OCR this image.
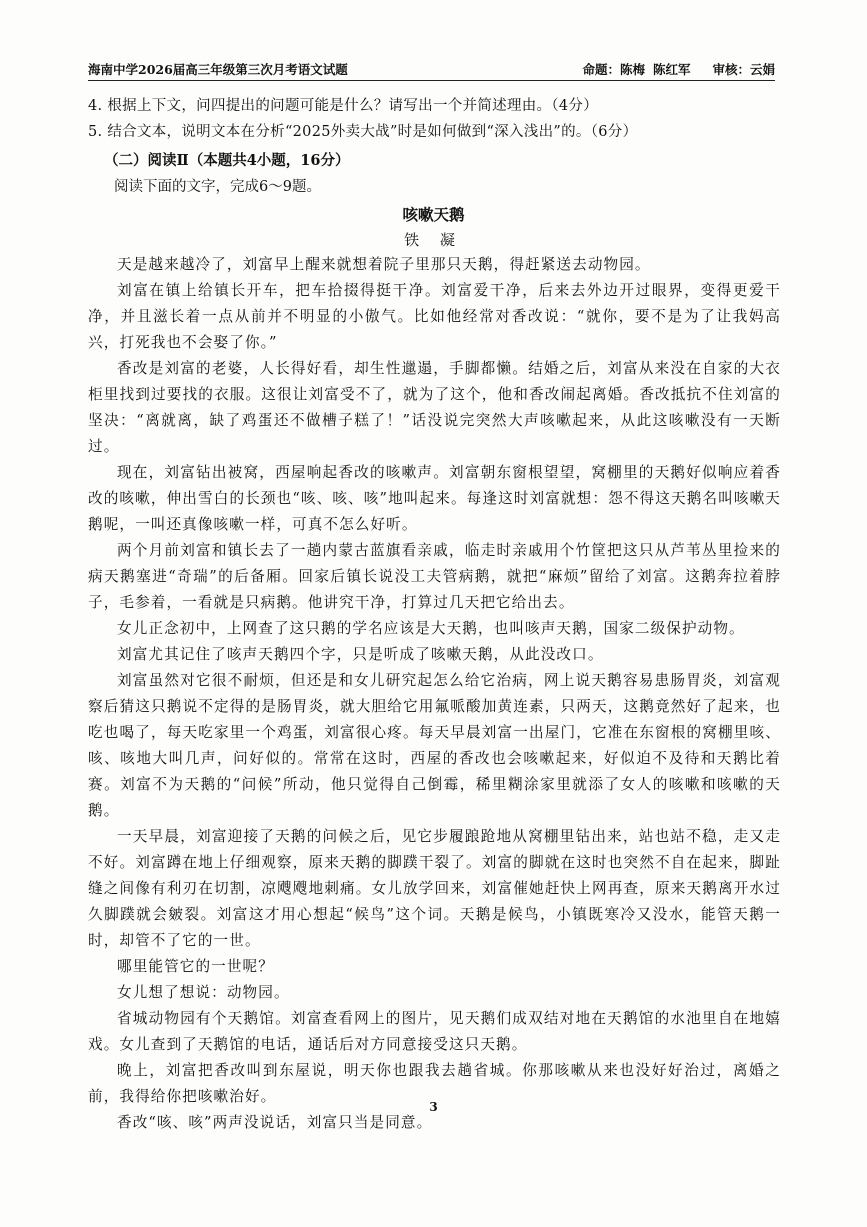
海南中学2026届高三年级第三次月考语文试题	命题：陈梅 陈红军 审核：云娟
4. 根据上下文，问四提出的问题可能是什么？请写出一个并简述理由。（4分）
5. 结合文本，说明文本在分析“2025外卖大战”时是如何做到“深入浅出”的。（6分）
（二）阅读Ⅱ（本题共4小题，16分）
阅读下面的文字，完成6～9题。
咳嗽天鹅
铁 凝

天是越来越冷了，刘富早上醒来就想着院子里那只天鹅，得赶紧送去动物园。

刘富在镇上给镇长开车，把车拾掇得挺干净。刘富爱干净，后来去外边开过眼界，变得更爱干净，并且滋长着一点从前并不明显的小傲气。比如他经常对香改说：“就你，要不是为了让我妈高兴，打死我也不会娶了你。”

香改是刘富的老婆，人长得好看，却生性邋遢，手脚都懒。结婚之后，刘富从来没在自家的大衣柜里找到过要找的衣服。这很让刘富受不了，就为了这个，他和香改闹起离婚。香改抵抗不住刘富的坚决：“离就离，缺了鸡蛋还不做槽子糕了！”话没说完突然大声咳嗽起来，从此这咳嗽没有一天断过。

现在，刘富钻出被窝，西屋响起香改的咳嗽声。刘富朝东窗根望望，窝棚里的天鹅好似响应着香改的咳嗽，伸出雪白的长颈也“咳、咳、咳”地叫起来。每逢这时刘富就想：怨不得这天鹅名叫咳嗽天鹅呢，一叫还真像咳嗽一样，可真不怎么好听。

两个月前刘富和镇长去了一趟内蒙古蓝旗看亲戚，临走时亲戚用个竹筐把这只从芦苇丛里捡来的病天鹅塞进“奇瑞”的后备厢。回家后镇长说没工夫管病鹅，就把“麻烦”留给了刘富。这鹅奔拉着脖子，毛参着，一看就是只病鹅。他讲究干净，打算过几天把它给出去。

女儿正念初中，上网查了这只鹅的学名应该是大天鹅，也叫咳声天鹅，国家二级保护动物。

刘富尤其记住了咳声天鹅四个字，只是听成了咳嗽天鹅，从此没改口。

刘富虽然对它很不耐烦，但还是和女儿研究起怎么给它治病，网上说天鹅容易患肠胃炎，刘富观察后猜这只鹅说不定得的是肠胃炎，就大胆给它用氟哌酸加黄连素，只两天，这鹅竟然好了起来，也吃也喝了，每天吃家里一个鸡蛋，刘富很心疼。每天早晨刘富一出屋门，它准在东窗根的窝棚里咳、咳、咳地大叫几声，问好似的。常常在这时，西屋的香改也会咳嗽起来，好似迫不及待和天鹅比着赛。刘富不为天鹅的“问候”所动，他只觉得自己倒霉，稀里糊涂家里就添了女人的咳嗽和咳嗽的天鹅。

一天早晨，刘富迎接了天鹅的问候之后，见它步履踉跄地从窝棚里钻出来，站也站不稳，走又走不好。刘富蹲在地上仔细观察，原来天鹅的脚蹼干裂了。刘富的脚就在这时也突然不自在起来，脚趾缝之间像有利刃在切割，凉飕飕地刺痛。女儿放学回来，刘富催她赶快上网再查，原来天鹅离开水过久脚蹼就会皴裂。刘富这才用心想起“候鸟”这个词。天鹅是候鸟，小镇既寒冷又没水，能管天鹅一时，却管不了它的一世。

哪里能管它的一世呢？

女儿想了想说：动物园。

省城动物园有个天鹅馆。刘富查看网上的图片，见天鹅们成双结对地在天鹅馆的水池里自在地嬉戏。女儿查到了天鹅馆的电话，通话后对方同意接受这只天鹅。

晚上，刘富把香改叫到东屋说，明天你也跟我去趟省城。你那咳嗽从来也没好好治过，离婚之前，我得给你把咳嗽治好。

香改“咳、咳”两声没说话，刘富只当是同意。

3
